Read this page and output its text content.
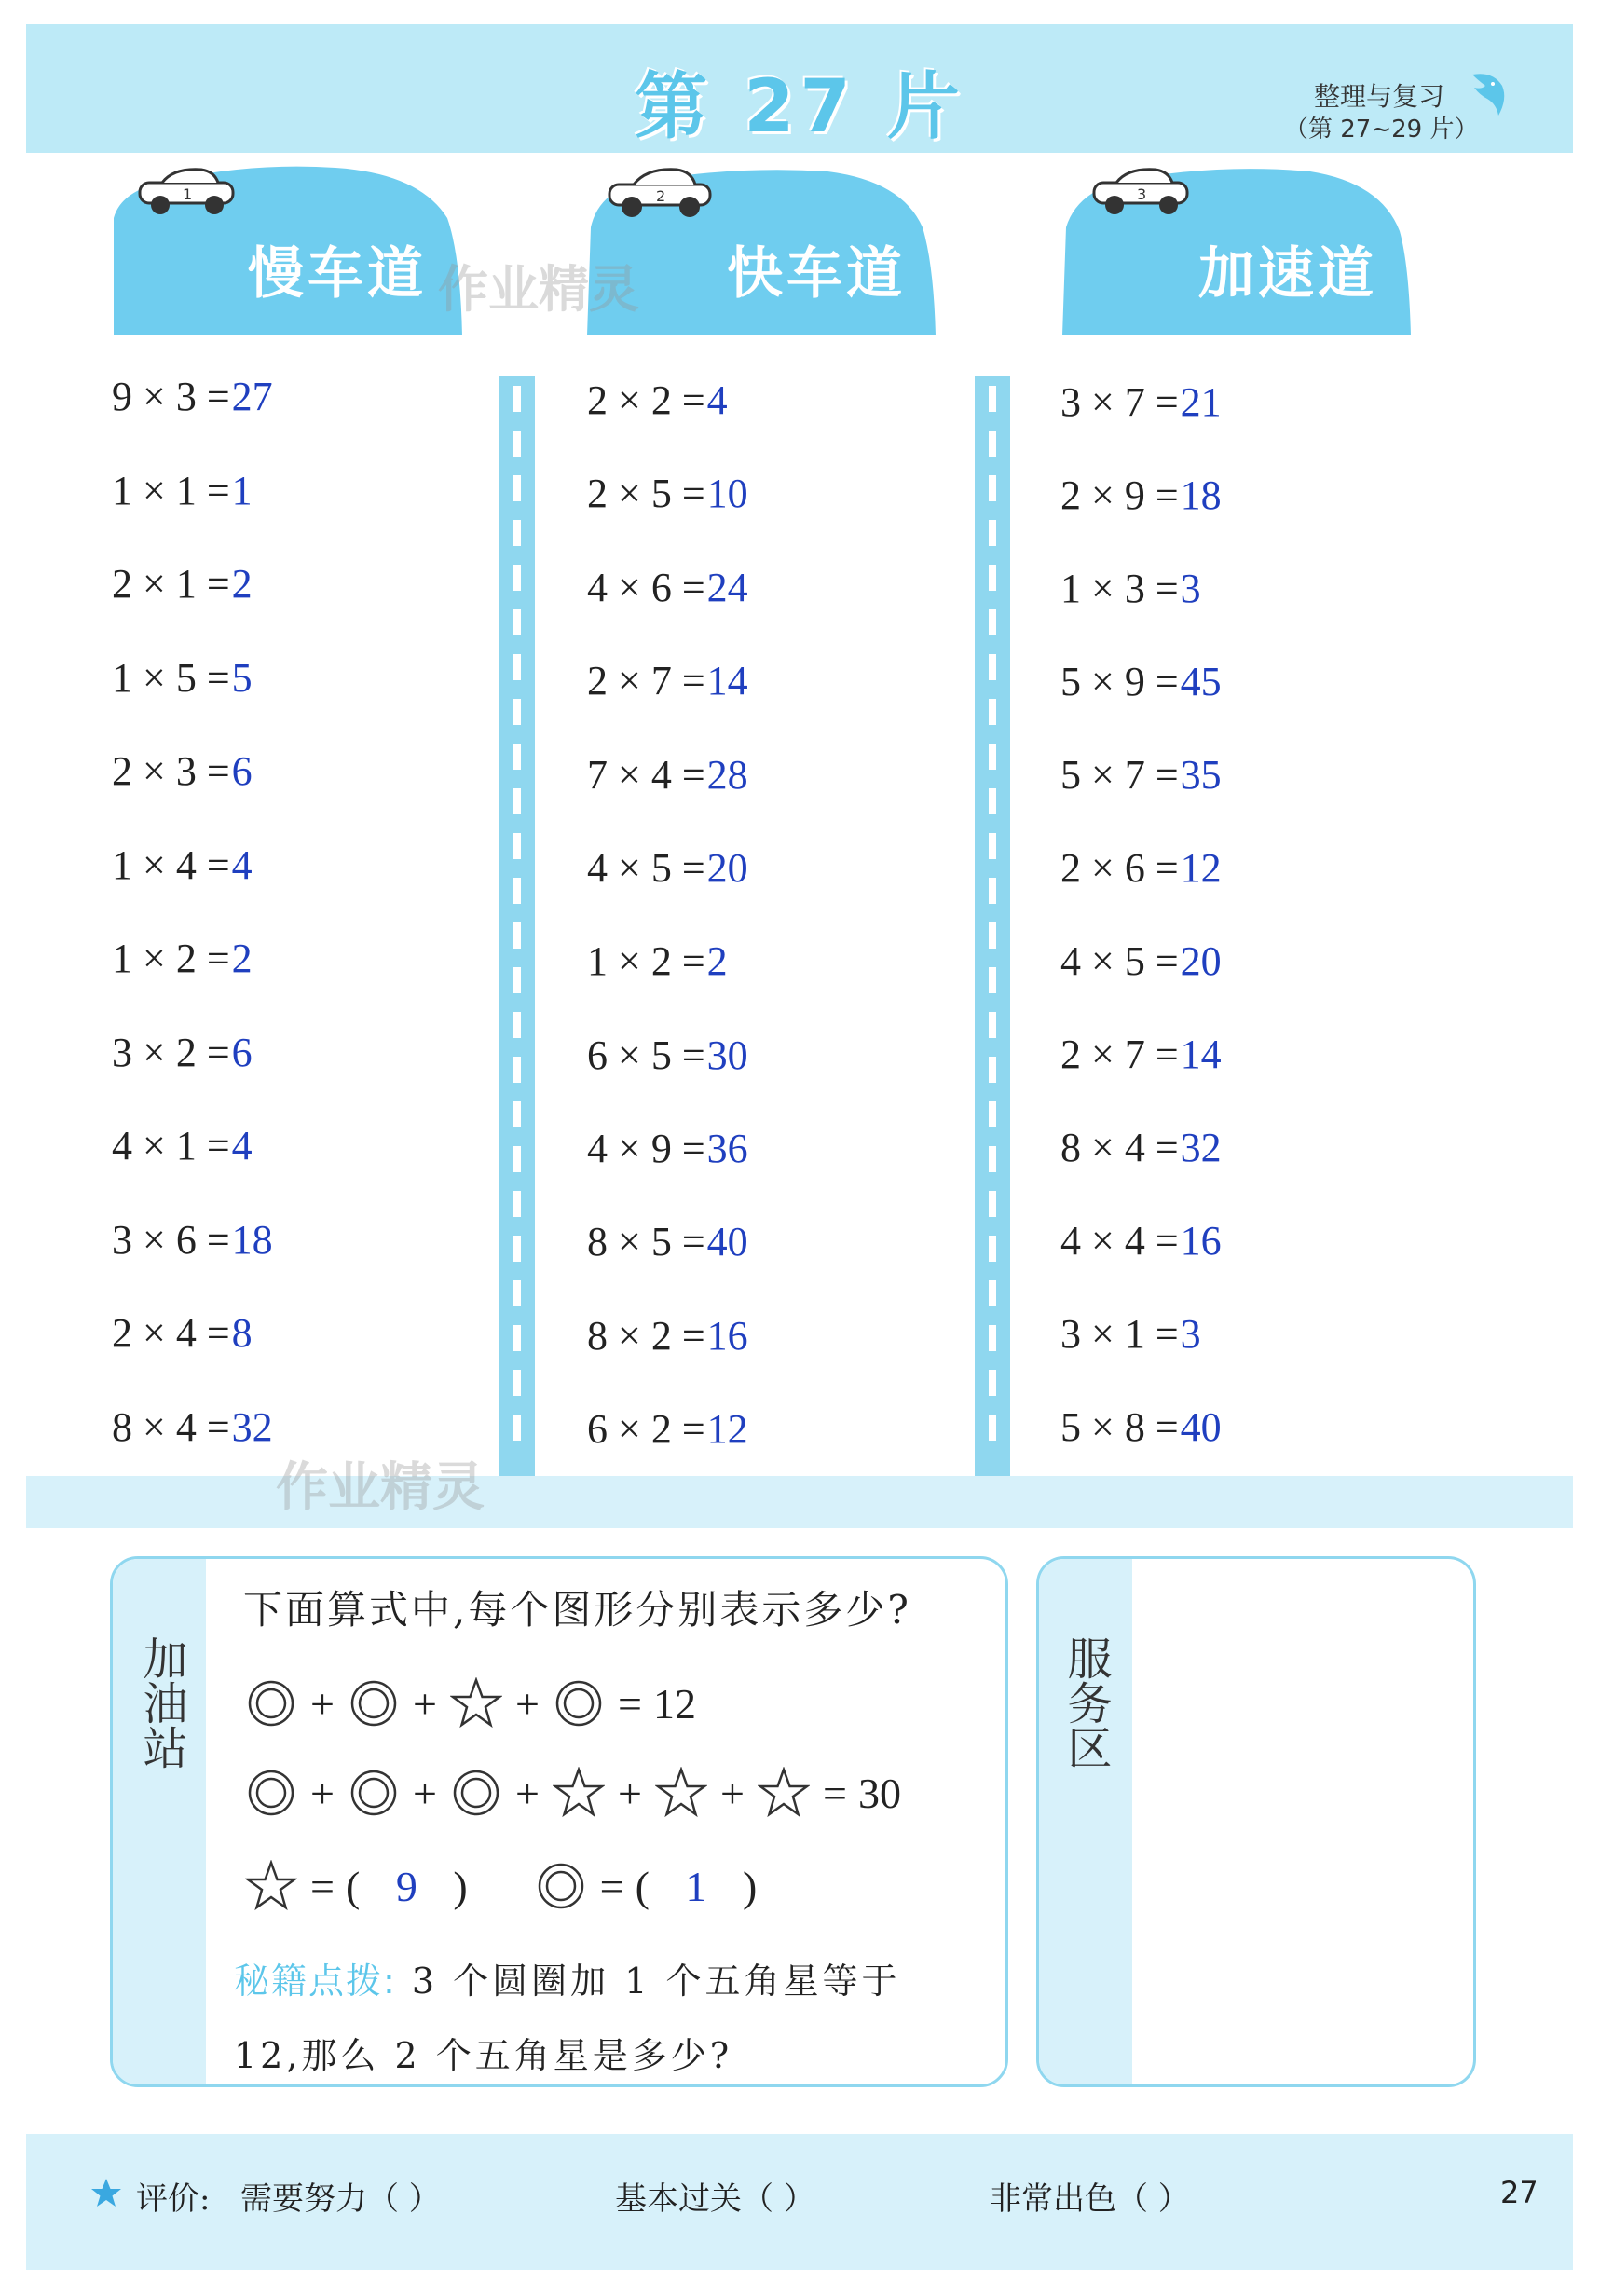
第 27 片	整理与复习
（第 27~29 片）
1
慢车道
2
快车道
3
加速道
9 × 3 =27
1 × 1 =1
2 × 1 =2
1 × 5 =5
2 × 3 =6
1 × 4 =4
1 × 2 =2
3 × 2 =6
4 × 1 =4
3 × 6 =18
2 × 4 =8
8 × 4 =32
2 × 2 =4
2 × 5 =10
4 × 6 =24
2 × 7 =14
7 × 4 =28
4 × 5 =20
1 × 2 =2
6 × 5 =30
4 × 9 =36
8 × 5 =40
8 × 2 =16
6 × 2 =12
3 × 7 =21
2 × 9 =18
1 × 3 =3
5 × 9 =45
5 × 7 =35
2 × 6 =12
4 × 5 =20
2 × 7 =14
8 × 4 =32
4 × 4 =16
3 × 1 =3
5 × 8 =40
作业精灵
作业精灵
加油站
下面算式中,每个图形分别表示多少?
+ + + = 12
+ + + + + = 30
= ( 9 )	= ( 1 )
秘籍点拨: 3 个圆圈加 1 个五角星等于
12,那么 2 个五角星是多少?
服务区
评价: 需要努力（ ）	基本过关（ ）	非常出色（ ）	27
